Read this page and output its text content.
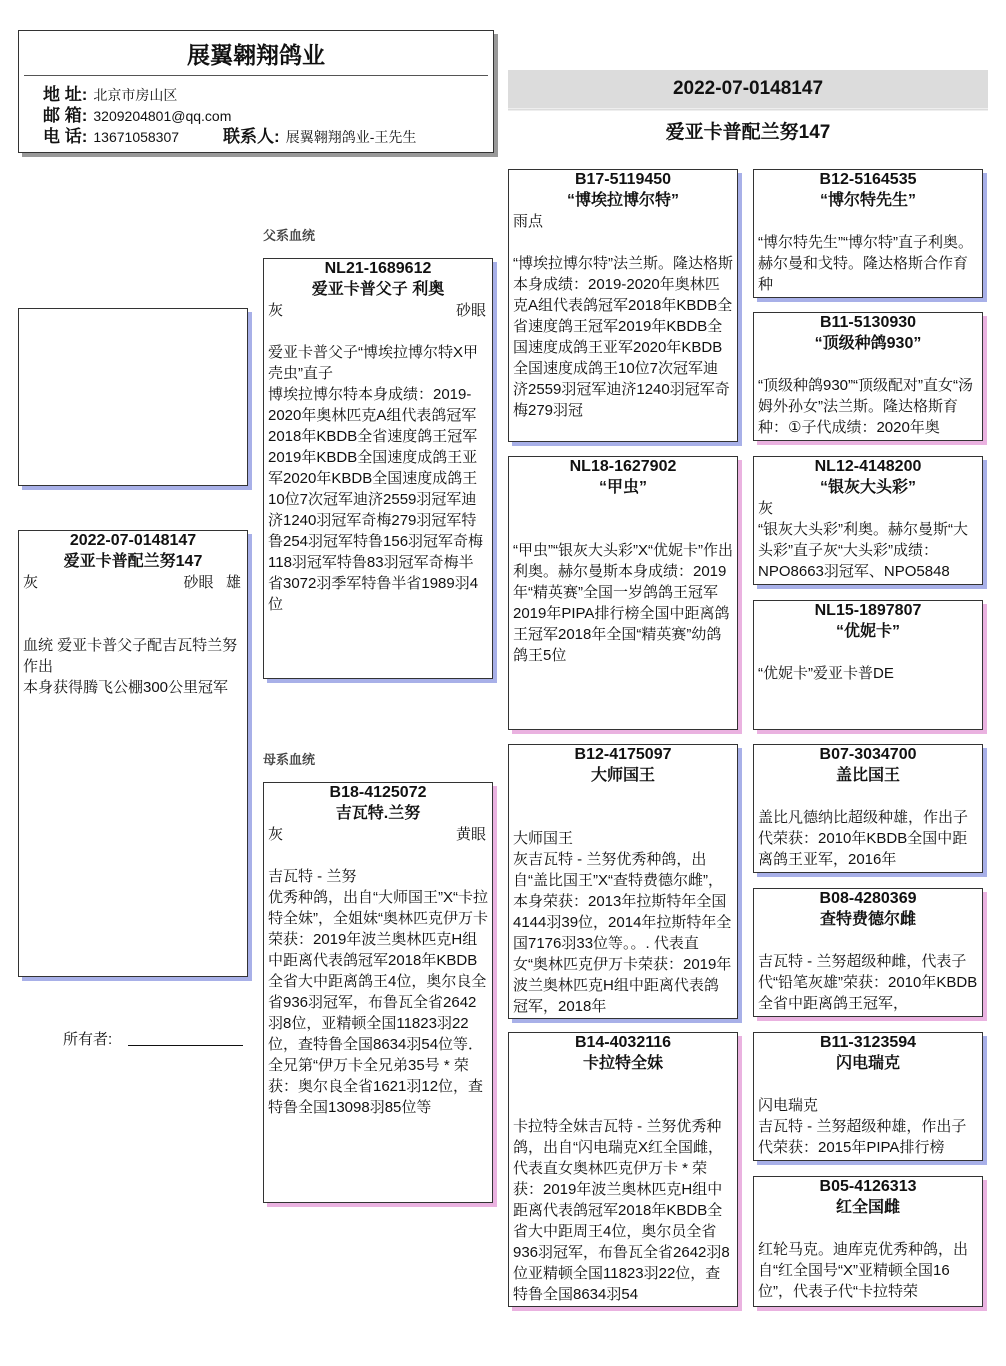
展翼翱翔鸽业
地 址: 北京市房山区
邮 箱: 3209204801@qq.com
电 话: 13671058307	联系人: 展翼翱翔鸽业-王先生
2022-07-0148147
爱亚卡普配兰努147
2022-07-0148147
爱亚卡普配兰努147
灰	砂眼 雄
血统 爱亚卡普父子配吉瓦特兰努作出
本身获得腾飞公棚300公里冠军
所有者:
父系血统
NL21-1689612
爱亚卡普父子 利奥
灰	砂眼
爱亚卡普父子“博埃拉博尔特X甲壳虫”直子
博埃拉博尔特本身成绩：2019-2020年奥林匹克A组代表鸽冠军2018年KBDB全省速度鸽王冠军2019年KBDB全国速度成鸽王亚军2020年KBDB全国速度成鸽王10位7次冠军迪济2559羽冠军迪济1240羽冠军奇梅279羽冠军特鲁254羽冠军特鲁156羽冠军奇梅118羽冠军特鲁83羽冠军奇梅半省3072羽季军特鲁半省1989羽4位
母系血统
B18-4125072
吉瓦特.兰努
灰	黄眼
吉瓦特 - 兰努
优秀种鸽，出自“大师国王”X“卡拉特全妹”，全姐妹“奥林匹克伊万卡荣获：2019年波兰奥林匹克H组中距离代表鸽冠军2018年KBDB全省大中距离鸽王4位，奥尔良全省936羽冠军，布鲁瓦全省2642羽8位，亚精顿全国11823羽22位，查特鲁全国8634羽54位等．全兄第“伊万卡全兄弟35号 * 荣获：奥尔良全省1621羽12位，查特鲁全国13098羽85位等
B17-5119450
“博埃拉博尔特”
雨点
“博埃拉博尔特”法兰斯。隆达格斯
本身成绩：2019-2020年奥林匹克A组代表鸽冠军2018年KBDB全省速度鸽王冠军2019年KBDB全国速度成鸽王亚军2020年KBDB全国速度成鸽王10位7次冠军迪济2559羽冠军迪济1240羽冠军奇梅279羽冠
NL18-1627902
“甲虫”
“甲虫”“银灰大头彩”X“优妮卡”作出利奥。赫尔曼斯本身成绩：2019年“精英赛”全国一岁鸽鸽王冠军2019年PIPA排行榜全国中距离鸽王冠军2018年全国“精英赛”幼鸽鸽王5位
B12-4175097
大师国王
大师国王
灰吉瓦特 - 兰努优秀种鸽，出自“盖比国王”X“查特费德尔雌”，本身荣获：2013年拉斯特年全国4144羽39位，2014年拉斯特年全国7176羽33位等。。. 代表直女“奥林匹克伊万卡荣获：2019年波兰奥林匹克H组中距离代表鸽冠军，2018年
B14-4032116
卡拉特全妹
卡拉特全妹吉瓦特 - 兰努优秀种鸽，出自“闪电瑞克X红全国雌，代表直女奥林匹克伊万卡 * 荣获：2019年波兰奥林匹克H组中距离代表鸽冠军2018年KBDB全省大中距周王4位，奥尔员全省936羽冠军，布鲁瓦全省2642羽8位亚精顿全国11823羽22位，查特鲁全国8634羽54
B12-5164535
“博尔特先生”
“博尔特先生”“博尔特”直子利奥。赫尔曼和戈特。隆达格斯合作育种
B11-5130930
“顶级种鸽930”
“顶级种鸽930”“顶级配对”直女“汤姆外孙女”法兰斯。隆达格斯育种：①子代成绩：2020年奥
NL12-4148200
“银灰大头彩”
灰
“银灰大头彩”利奥。赫尔曼斯“大头彩”直子灰“大头彩”成绩：NPO8663羽冠军、NPO5848
NL15-1897807
“优妮卡”
“优妮卡”爱亚卡普DE
B07-3034700
盖比国王
盖比凡德纳比超级种雄，作出子代荣获：2010年KBDB全国中距离鸽王亚军，2016年
B08-4280369
查特费德尔雌
吉瓦特 - 兰努超级种雌，代表子代“铅笔灰雄”荣获：2010年KBDB全省中距离鸽王冠军，
B11-3123594
闪电瑞克
闪电瑞克
吉瓦特 - 兰努超级种雄，作出子代荣获：2015年PIPA排行榜
B05-4126313
红全国雌
红轮马克。迪库克优秀种鸽，出自“红全国号“X”亚精顿全国16位”，代表子代“卡拉特荣
